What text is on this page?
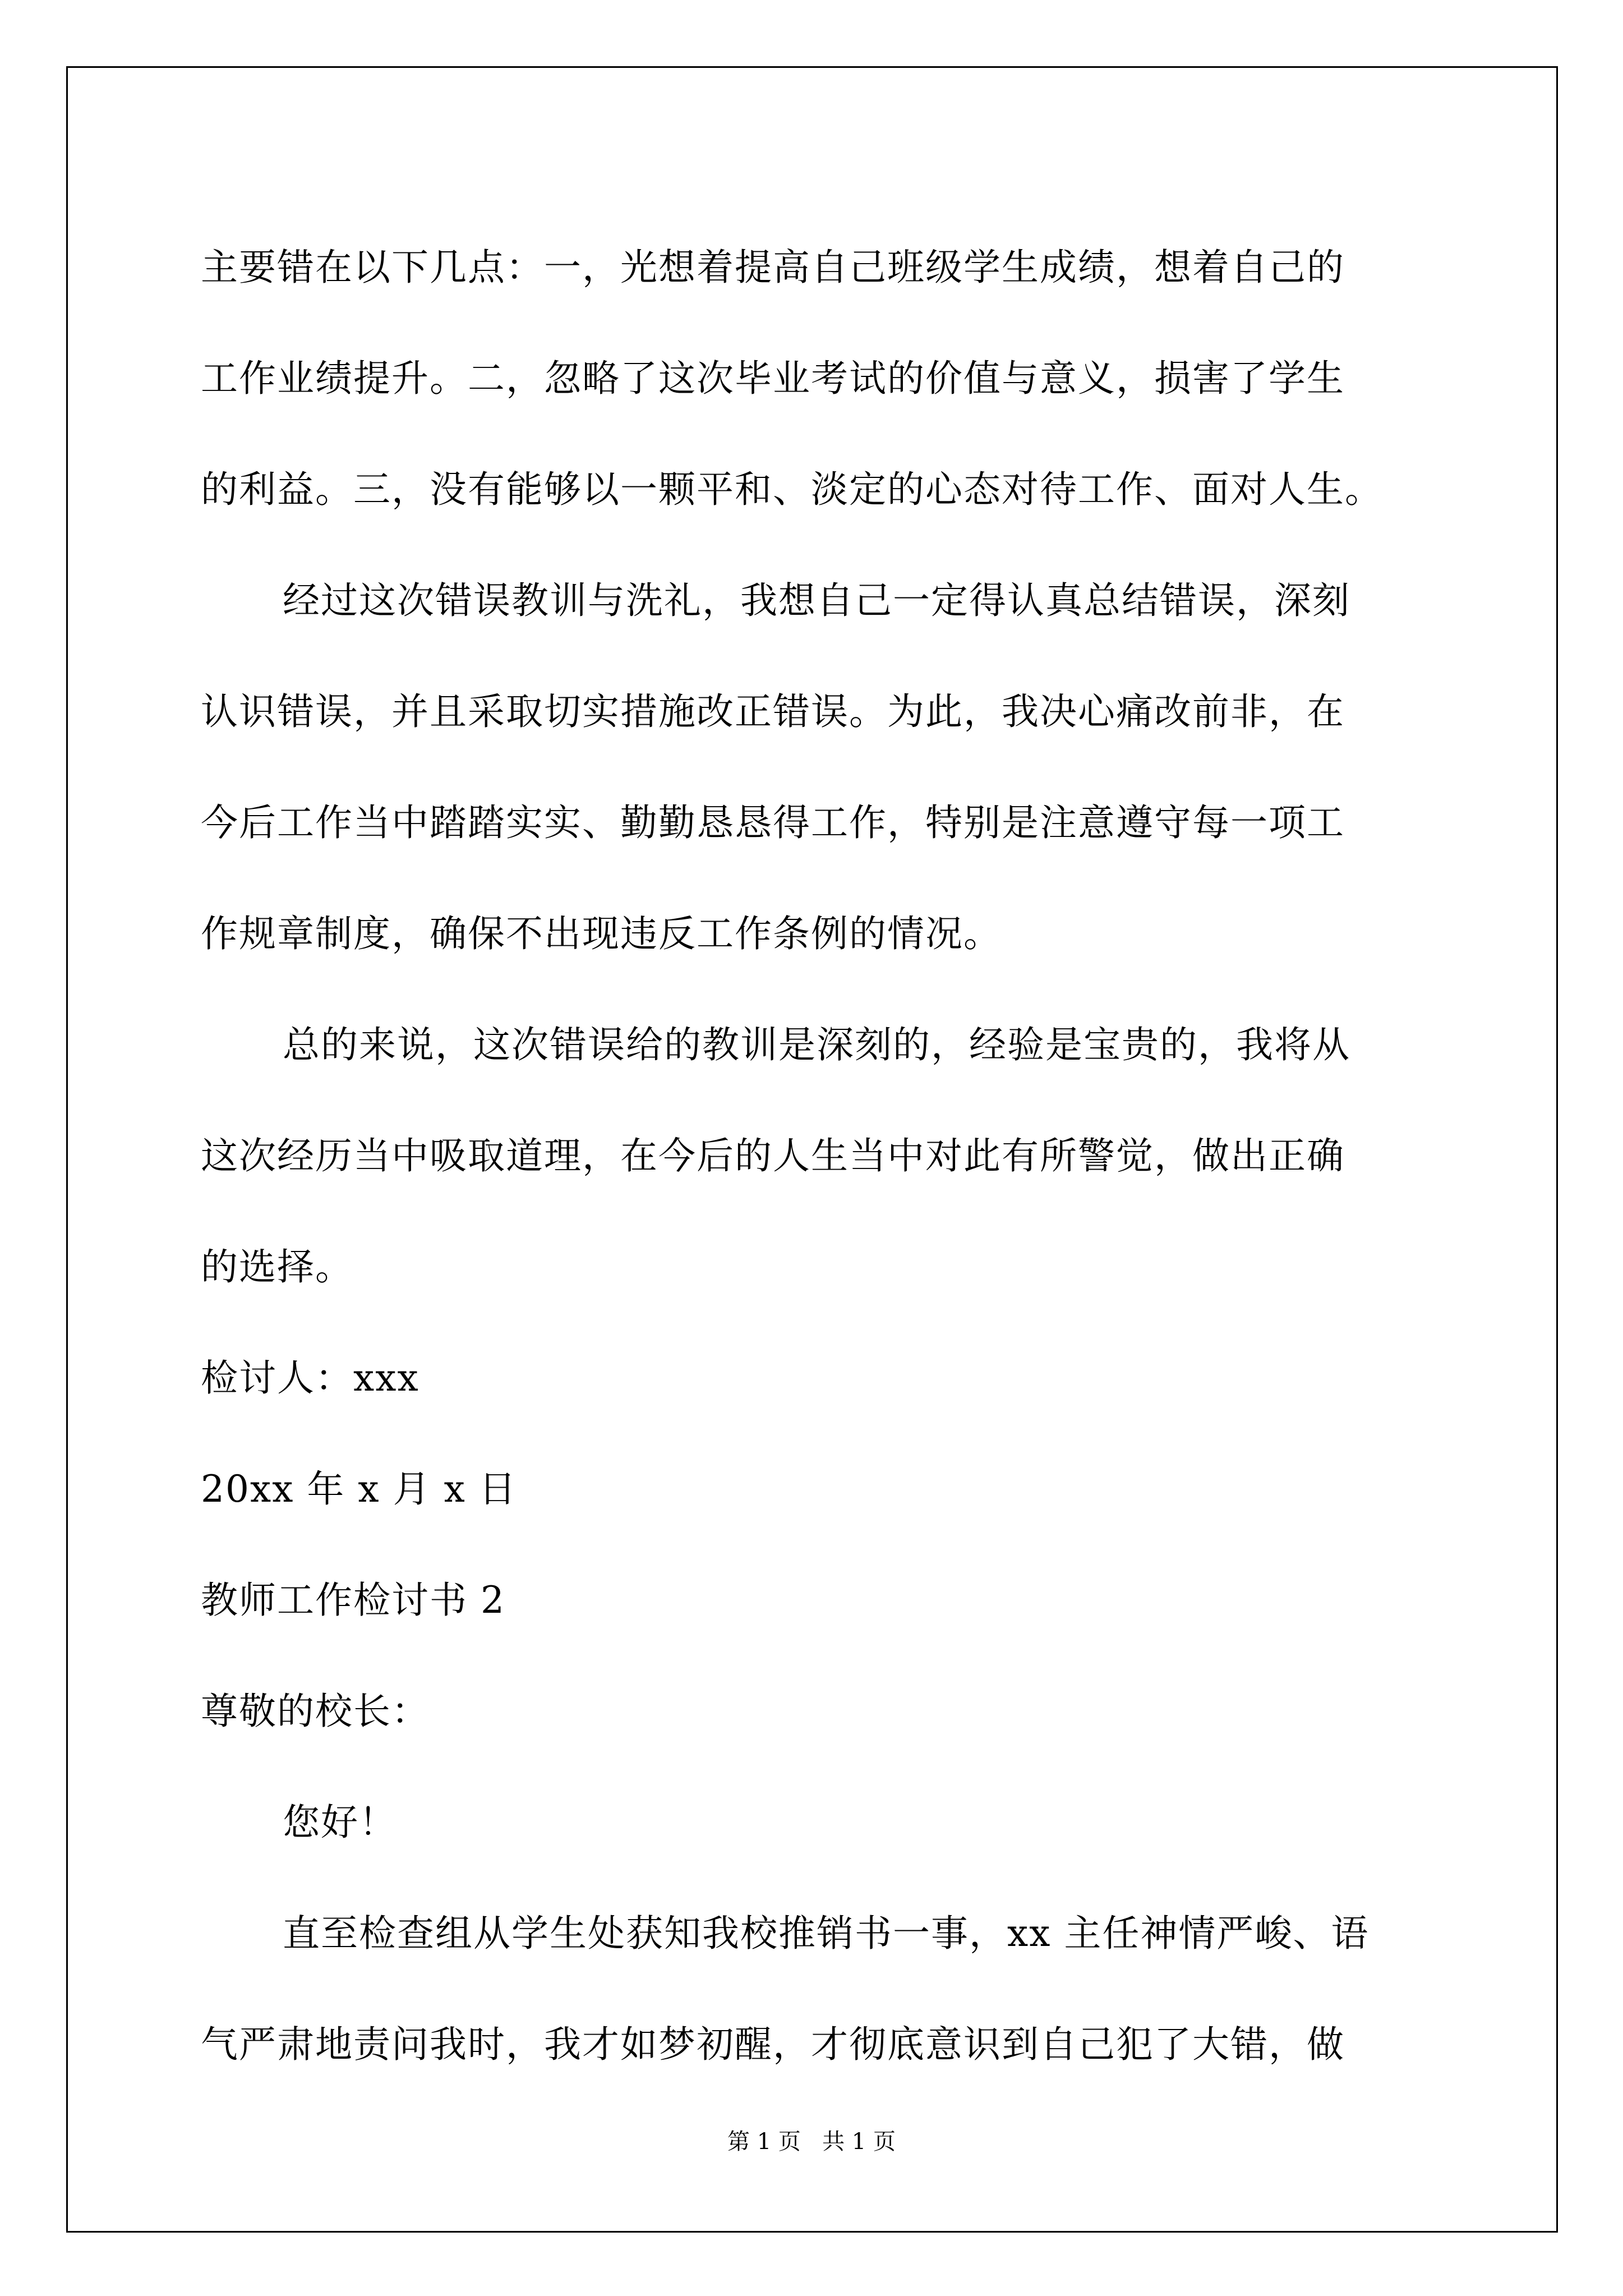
主要错在以下几点：一，光想着提高自己班级学生成绩，想着自己的
工作业绩提升。二，忽略了这次毕业考试的价值与意义，损害了学生
的利益。三，没有能够以一颗平和、淡定的心态对待工作、面对人生。
经过这次错误教训与洗礼，我想自己一定得认真总结错误，深刻
认识错误，并且采取切实措施改正错误。为此，我决心痛改前非，在
今后工作当中踏踏实实、勤勤恳恳得工作，特别是注意遵守每一项工
作规章制度，确保不出现违反工作条例的情况。
总的来说，这次错误给的教训是深刻的，经验是宝贵的，我将从
这次经历当中吸取道理，在今后的人生当中对此有所警觉，做出正确
的选择。
检讨人：xxx
20xx 年 x 月 x 日
教师工作检讨书 2
尊敬的校长：
您好！
直至检查组从学生处获知我校推销书一事，xx 主任神情严峻、语
气严肃地责问我时，我才如梦初醒，才彻底意识到自己犯了大错，做
第 1 页   共 1 页
